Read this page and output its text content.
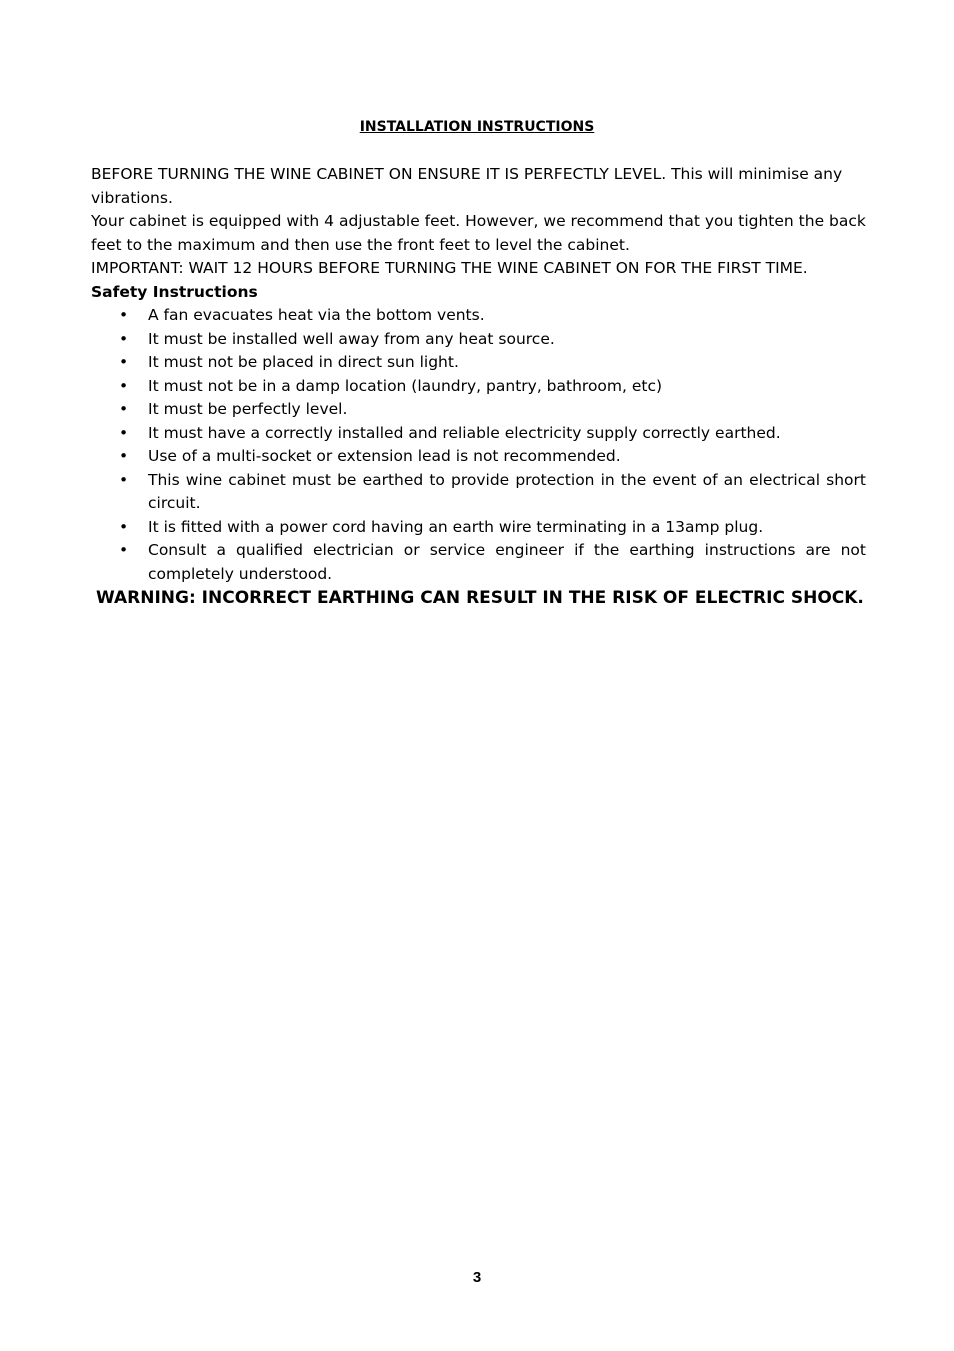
INSTALLATION INSTRUCTIONS

BEFORE TURNING THE WINE CABINET ON ENSURE IT IS PERFECTLY LEVEL. This will minimise any vibrations.

Your cabinet is equipped with 4 adjustable feet. However, we recommend that you tighten the back feet to the maximum and then use the front feet to level the cabinet.

IMPORTANT: WAIT 12 HOURS BEFORE TURNING THE WINE CABINET ON FOR THE FIRST TIME.

Safety Instructions

• A fan evacuates heat via the bottom vents.
• It must be installed well away from any heat source.
• It must not be placed in direct sun light.
• It must not be in a damp location (laundry, pantry, bathroom, etc)
• It must be perfectly level.
• It must have a correctly installed and reliable electricity supply correctly earthed.
• Use of a multi-socket or extension lead is not recommended.
• This wine cabinet must be earthed to provide protection in the event of an electrical short circuit.
• It is fitted with a power cord having an earth wire terminating in a 13amp plug.
• Consult a qualified electrician or service engineer if the earthing instructions are not completely understood.
WARNING: INCORRECT EARTHING CAN RESULT IN THE RISK OF ELECTRIC SHOCK.
3
